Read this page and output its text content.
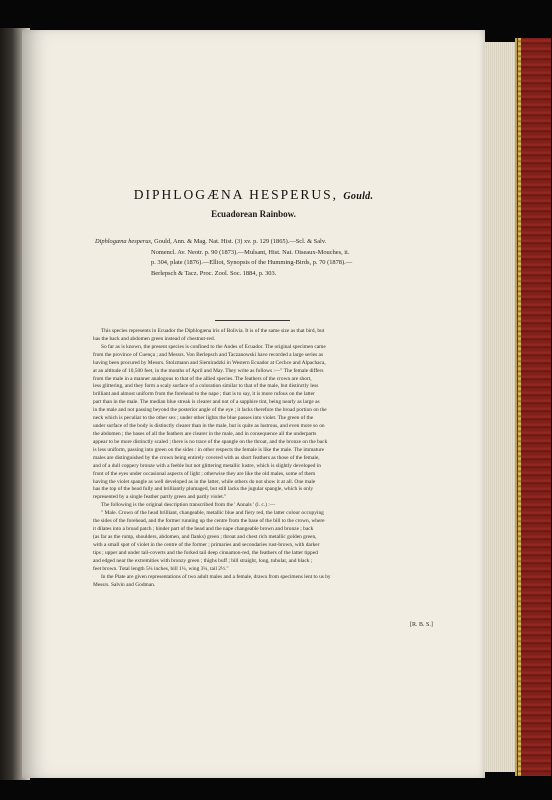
DIPHLOGÆNA HESPERUS, Gould.
Ecuadorean Rainbow.
Diphlogæna hesperus, Gould, Ann. & Mag. Nat. Hist. (3) xv. p. 129 (1865).—Scl. & Salv.
Nomencl. Av. Neotr. p. 90 (1873).—Mulsant, Hist. Nat. Oiseaux-Mouches, ii.
p. 304, plate (1876).—Elliot, Synopsis of the Humming-Birds, p. 70 (1878).—
Berlepsch & Tacz. Proc. Zool. Soc. 1884, p. 303.
This species represents in Ecuador the Diphlogæna iris of Bolivia. It is of the same size as that bird, but
has the back and abdomen green instead of chestnut-red.
So far as is known, the present species is confined to the Andes of Ecuador. The original specimen came
from the province of Cuença ; and Messrs. Von Berlepsch and Taczanowski have recorded a large series as
having been procured by Messrs. Stolzmann and Siemiradzki in Western Ecuador at Cechce and Alpachaca,
at an altitude of 10,500 feet, in the months of April and May. They write as follows :—" The female differs
from the male in a manner analogous to that of the allied species. The feathers of the crown are short,
less glittering, and they form a scaly surface of a coloration similar to that of the male, but distinctly less
brilliant and almost uniform from the forehead to the nape ; that is to say, it is more rufous on the latter
part than in the male. The median blue streak is clearer and not of a sapphire tint, being nearly as large as
in the male and not passing beyond the posterior angle of the eye ; it lacks therefore the broad portion on the
neck which is peculiar to the other sex ; under other lights the blue passes into violet. The green of the
under surface of the body is distinctly clearer than in the male, but is quite as lustrous, and even more so on
the abdomen ; the bases of all the feathers are clearer in the male, and in consequence all the underparts
appear to be more distinctly scaled ; there is no trace of the spangle on the throat, and the bronze on the back
is less uniform, passing into green on the sides : in other respects the female is like the male. The immature
males are distinguished by the crown being entirely covered with as short feathers as those of the female,
and of a dull coppery bronze with a feeble but not glittering metallic lustre, which is slightly developed in
front of the eyes under occasional aspects of light ; otherwise they are like the old males, some of them
having the violet spangle as well developed as in the latter, while others do not show it at all. One male
has the top of the head fully and brilliantly plumaged, but still lacks the jugular spangle, which is only
represented by a single feather partly green and partly violet."
The following is the original description transcribed from the ' Annals ' (l. c.) :—
" Male. Crown of the head brilliant, changeable, metallic blue and fiery red, the latter colour occupying
the sides of the forehead, and the former running up the centre from the base of the bill to the crown, where
it dilates into a broad patch ; hinder part of the head and the nape changeable brown and bronze ; back
(as far as the rump, shoulders, abdomen, and flanks) green ; throat and chest rich metallic golden green,
with a small spot of violet in the centre of the former ; primaries and secondaries rust-brown, with darker
tips ; upper and under tail-coverts and the forked tail deep cinnamon-red, the feathers of the latter tipped
and edged near the extremities with bronzy green ; thighs buff ; bill straight, long, tubular, and black ;
feet brown. Total length 5¼ inches, bill 1¼, wing 3¼, tail 2½."
In the Plate are given representations of two adult males and a female, drawn from specimens lent to us by
Messrs. Salvin and Godman.
[R. B. S.]
